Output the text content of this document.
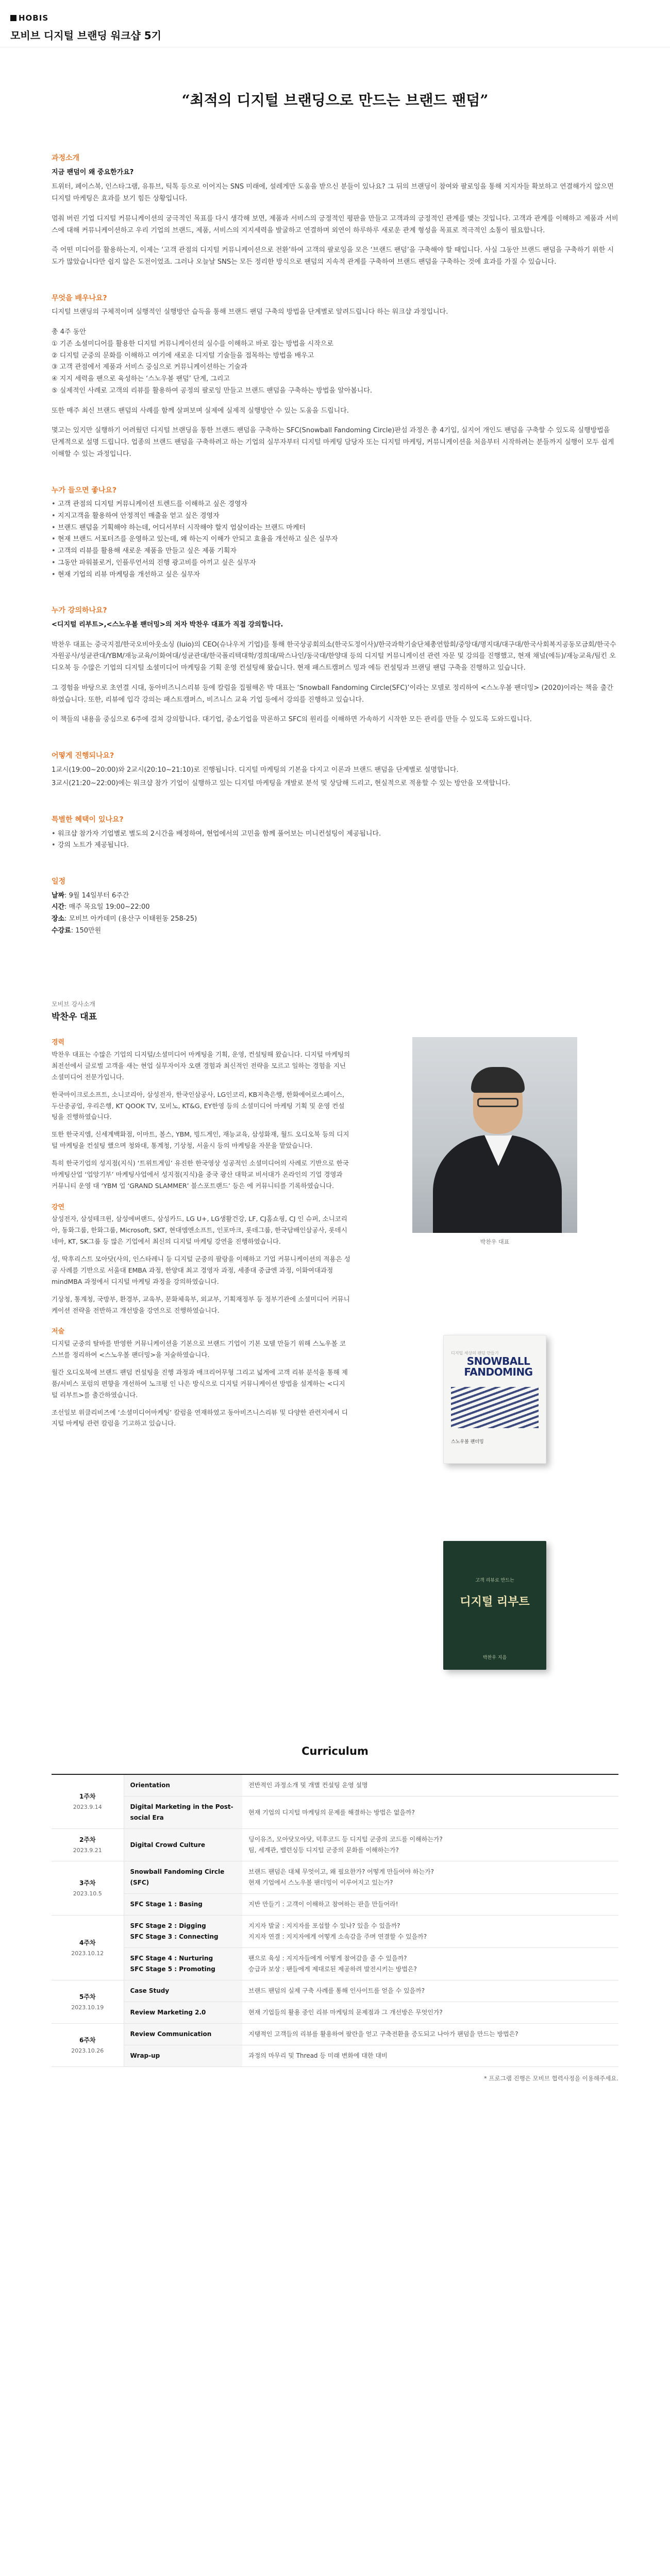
HOBIS
모비브 디지털 브랜딩 워크샵 5기
“최적의 디지털 브랜딩으로 만드는 브랜드 팬덤”
과정소개
지금 팬덤이 왜 중요한가요?

트위터, 페이스북, 인스타그램, 유튜브, 틱톡 등으로 이어지는 SNS 미래에, 설레게만 도움을 받으신 분들이 있나요? 그 뒤의 브랜딩이 참여와 팔로잉을 통해 지지자들 확보하고 연결해가지 않으면 디지털 마케팅은 효과를 보기 힘든 상황입니다.

멈춰 버린 기업 디지털 커뮤니케이션의 궁극적인 목표를 다시 생각해 보면, 제품과 서비스의 긍정적인 평판을 만들고 고객과의 긍정적인 관계를 맺는 것입니다. 고객과 관계를 이해하고 제품과 서비스에 대해 커뮤니케이션하고 우리 기업의 브랜드, 제품, 서비스의 지지세력을 발굴하고 연결하며 외연이 하루하루 새로운 관계 형성을 목표로 적극적인 소통이 필요합니다.

즉 어떤 미디어를 활용하는지, 이제는 ‘고객 관점의 디지털 커뮤니케이션으로 전환’하여 고객의 팔로잉을 모은 ‘브랜드 팬덤’을 구축해야 할 때입니다. 사실 그동안 브랜드 팬덤을 구축하기 위한 시도가 많았습니다만 쉽지 않은 도전이었죠. 그러나 오늘날 SNS는 모든 정리한 방식으로 팬덤의 지속적 관계를 구축하여 브랜드 팬덤을 구축하는 것에 효과를 가질 수 있습니다.

무엇을 배우나요?

디지털 브랜딩의 구체적이며 실행적인 실행방안 습득을 통해 브랜드 팬덤 구축의 방법을 단계별로 알려드립니다 하는 워크샵 과정입니다.

총 4주 동안
① 기존 소셜미디어를 활용한 디지털 커뮤니케이션의 실수를 이해하고 바로 잡는 방법을 시작으로
② 디지털 군중의 문화를 이해하고 여기에 새로운 디지털 기술들을 접목하는 방법을 배우고
③ 고객 관점에서 제품과 서비스 중심으로 커뮤니케이션하는 기술과
④ 지지 세력을 팬으로 육성하는 ‘스노우볼 팬덤’ 단계, 그리고
⑤ 실제적인 사례로 고객의 리뷰를 활용하여 공정의 팔로잉 만들고 브랜드 팬덤을 구축하는 방법을 알아봅니다.

또한 매주 최신 브랜드 팬덤의 사례를 함께 살펴보며 실제에 실제적 실행방안 수 있는 도움을 드립니다.

몇고는 있지만 실행하기 어려웠던 디지털 브랜딩을 통한 브랜드 팬덤을 구축하는 SFC(Snowball Fandoming Circle)판섬 과정은 총 4기입, 실지어 개인도 팬덤을 구축할 수 있도록 실행방법을 단계적으로 설명 드립니다. 업종의 브랜드 팬덤을 구축하려고 하는 기업의 실무자부터 디지털 마케팅 담당자 또는 디지털 마케팅, 커뮤니케이션을 처음부터 시작하려는 분들까지 실행이 모두 쉽게 이해할 수 있는 과정입니다.

누가 들으면 좋나요?
• 고객 관점의 디지털 커뮤니케이션 트렌드를 이해하고 싶은 경영자
• 지지고객을 활용하여 안정적인 매출을 얻고 싶은 경영자
• 브랜드 팬덤을 기획해야 하는데, 어디서부터 시작해야 할지 엄살이라는 브랜드 마케터
• 현재 브랜드 서포터즈를 운영하고 있는데, 왜 하는지 이해가 안되고 효율을 개선하고 싶은 실무자
• 고객의 리뷰를 활용해 새로운 제품을 만들고 싶은 제품 기획자
• 그동안 파워블로거, 인플루언서의 진행 광고비를 아끼고 싶은 실무자
• 현재 기업의 리뷰 마케팅을 개선하고 싶은 실무자
누가 강의하나요?

<디지털 리부트>,<스노우볼 팬더밍>의 저자 박찬우 대표가 직접 강의합니다.

박찬우 대표는 중국지점/한국오비아웃소싱 (Iuio)의 CEO(슈나우저 기업)를 통해 한국상공회의소(한국도정이사)/한국과학기술단체총연합회/중앙대/명지대/대구대/한국사회복지공동모금회/한국수자원공사/성균관대/YBM/재능교육/이화여대/성균관대/한국폴리텍대학/경희대/팍스나인/동국대/한양대 등의 디지털 커뮤니케이션 관련 자문 및 강의를 진행했고, 현재 채널(에듀)/재능교육/팀킨 오디오북 등 수많은 기업의 디지털 소셜미디어 마케팅을 기획 운영 컨설팅해 왔습니다. 현재 패스트캠퍼스 밍과 에듀 컨설팅과 브랜딩 팬덤 구축을 진행하고 있습니다.

그 경험을 바탕으로 초연결 시대, 동아비즈니스리뷰 등에 칼럼을 집필해온 박 대표는 ‘Snowball Fandoming Circle(SFC)’이라는 모델로 정리하여 <스노우볼 팬더밍> (2020)이라는 책을 출간하였습니다. 또한, 리뷰에 입각 강의는 패스트캠퍼스, 비즈니스 교육 기업 등에서 강의를 진행하고 있습니다.

이 책들의 내용을 중심으로 6주에 걸쳐 강의합니다. 대기업, 중소기업을 막론하고 SFC의 원리를 이해하면 가속하기 시작한 모든 관리를 만들 수 있도록 도와드립니다.

어떻게 진행되나요?

1교시(19:00~20:00)와 2교시(20:10~21:10)로 진행됩니다. 디지털 마케팅의 기본을 다지고 이론과 브랜드 팬덤을 단계별로 설명합니다.

3교시(21:20~22:00)에는 워크샵 참가 기업이 실행하고 있는 디지털 마케팅을 개발로 분석 및 상담해 드리고, 현실적으로 적용할 수 있는 방안을 모색합니다.

특별한 혜택이 있나요?
• 워크샵 참가자 기업별로 별도의 2시간을 배정하여, 현업에서의 고민을 함께 풀어보는 미니컨설팅이 제공됩니다.
• 강의 노트가 제공됩니다.
일정
날짜: 9월 14일부터 6주간
시간: 매주 목요일 19:00~22:00
장소: 모비브 아카데미 (용산구 이태원동 258-25)
수강료: 150만원
모비브 강사소개
박찬우 대표
경력

박찬우 대표는 수많은 기업의 디지털/소셜미디어 마케팅을 기획, 운영, 컨설팅해 왔습니다. 디지털 마케팅의 최전선에서 글로벌 고객을 새는 현업 실무자이자 오랜 경험과 최신적인 전략을 모르고 일하는 경험을 지닌 소셜미디어 전문가입니다.

한국마이크로소프트, 소니코리아, 삼성전자, 한국인삼공사, LG인코리, KB저축은행, 한화에어로스페이스, 두산중공업, 우리은행, KT QOOK TV, 모비노, KT&G, EY한영 등의 소셜미디어 마케팅 기획 및 운영 컨설팅을 진행하였습니다.

또한 한국지엠, 신세계백화점, 이마트, 볼스, YBM, 빙드게인, 재능교육, 삼성화재, 월드 오디오북 등의 디지털 마케팅을 컨설팅 했으며 청와대, 통계청, 기상청, 서울시 등의 마케팅을 자문을 맡았습니다.

특히 한국기업의 성지점(지식) ‘트위트게임’ 유진한 한국영상 성공적인 소셜미디어의 사례로 기반으로 한국마케팅산업 ‘업앙기부’ 마케팅사업에서 성지점(지식)을 중국 광산 대학교 비서대가 온라인의 기업 경영과 커뮤니티 운영 대 ‘YBM 업 ‘GRAND SLAMMER’ 블스포트랜드’ 등은 에 커뮤니티를 기록하였습니다.

강연

삼성전자, 삼성테크윈, 삼성에버랜드, 삼성카드, LG U+, LG생활건강, LF, CJ홈쇼핑, CJ 인 슈퍼, 소니코리아, 동화그룹, 한화그룹, Microsoft, SKT, 현대엠엔소프트, 인포마크, 롯데그룹, 한국담배인삼공사, 롯데시네마, KT, SK그룹 등 많은 기업에서 최신의 디지털 마케팅 강연을 진행하였습니다.

성, 딱후리스트 모아닷(사의, 인스타레니 등 디지털 군중의 팔랑을 이해하고 기업 커뮤니케이션의 적용은 성공 사례를 기반으로 서울대 EMBA 과정, 한양대 최고 경영자 과정, 세종대 중급엔 과정, 이화여대과정 mindMBA 과정에서 디지털 마케팅 과정을 강의하였습니다.

기상청, 통계청, 국방부, 환경부, 교육부, 문화체육부, 외교부, 기획재정부 등 정부기관에 소셜미디어 커뮤니케이션 전략을 전반하고 개선방을 강연으로 진행하였습니다.

저술

디지털 군중의 탈바를 반영한 커뮤니케이션을 기본으로 브랜드 기업이 기본 모델 만들기 위해 스노우볼 코스브를 정리하여 <스노우볼 팬더밍>을 저술하였습니다.

월간 오디오북에 브랜드 팬덤 컨설팅을 진행 과정과 매크리어무형 그리고 넓게에 고객 리뷰 분석을 통해 제품/서비스 포럼의 편향을 개선하여 노크평 인 나은 방식으로 디지털 커뮤니케이션 방법을 설계하는 <디지털 리부트>를 출간하였습니다.

조선일보 위클리비즈에 ‘소셜미디어마케팅’ 칼럼을 연재하였고 동아비즈니스리뷰 및 다양한 관련지에서 디지털 마케팅 관련 칼럼을 기고하고 있습니다.

박찬우 대표
디지털 세상의 팬덤 만들기
SNOWBALL FANDOMING
스노우볼 팬더밍
고객 리뷰로 만드는
디지털 리부트
박찬우 지음
Curriculum
1주차
2023.9.14	Orientation	전반적인 과정소개 및 개별 컨설팅 운영 설명
	Digital Marketing in the Post-social Era	현재 기업의 디지털 마케팅의 문제를 해결하는 방법은 없을까?
2주차
2023.9.21	Digital Crowd Culture	딩이유즈, 모아닷모아닷, 덕후코드 등 디지털 군중의 코드를 이해하는가?
팀, 세계관, 밸런싱등 디지털 군중의 문화를 이해하는가?
3주차
2023.10.5	Snowball Fandoming Circle (SFC)	브랜드 팬덤은 대체 무엇이고, 왜 필요한가? 어떻게 만들어야 하는가?
현재 기업에서 스노우볼 팬더밍이 이루어지고 있는가?
	SFC Stage 1 : Basing	지반 만들기 : 고객이 이해하고 참여하는 판을 만들어라!
4주차
2023.10.12	SFC Stage 2 : Digging
SFC Stage 3 : Connecting	지지자 발굴 : 지지자를 포섭할 수 있나? 있을 수 있을까?
지지자 연결 : 지지자에게 어떻게 소속감을 주며 연결할 수 있을까?
	SFC Stage 4 : Nurturing
SFC Stage 5 : Promoting	팬으로 육성 : 지지자들에게 어떻게 참여감을 줄 수 있을까?
승급과 보상 : 팬들에게 제대로된 제공하려 발전시키는 방법은?
5주차
2023.10.19	Case Study	브랜드 팬덤의 실제 구축 사례를 통해 인사이트를 얻을 수 있을까?
	Review Marketing 2.0	현재 기업들의 활용 중인 리뷰 마케팅의 문제점과 그 개선방은 무엇인가?
6주차
2023.10.26	Review Communication	지탱적인 고객들의 리뷰를 활용하여 팔란을 얻고 구축전환율 증도되고 나아가 팬덤을 만드는 방법은?
	Wrap-up	과정의 마무리 및 Thread 등 미래 변화에 대한 대비
* 프로그램 진행은 모비브 협력사정을 이용해주세요.
